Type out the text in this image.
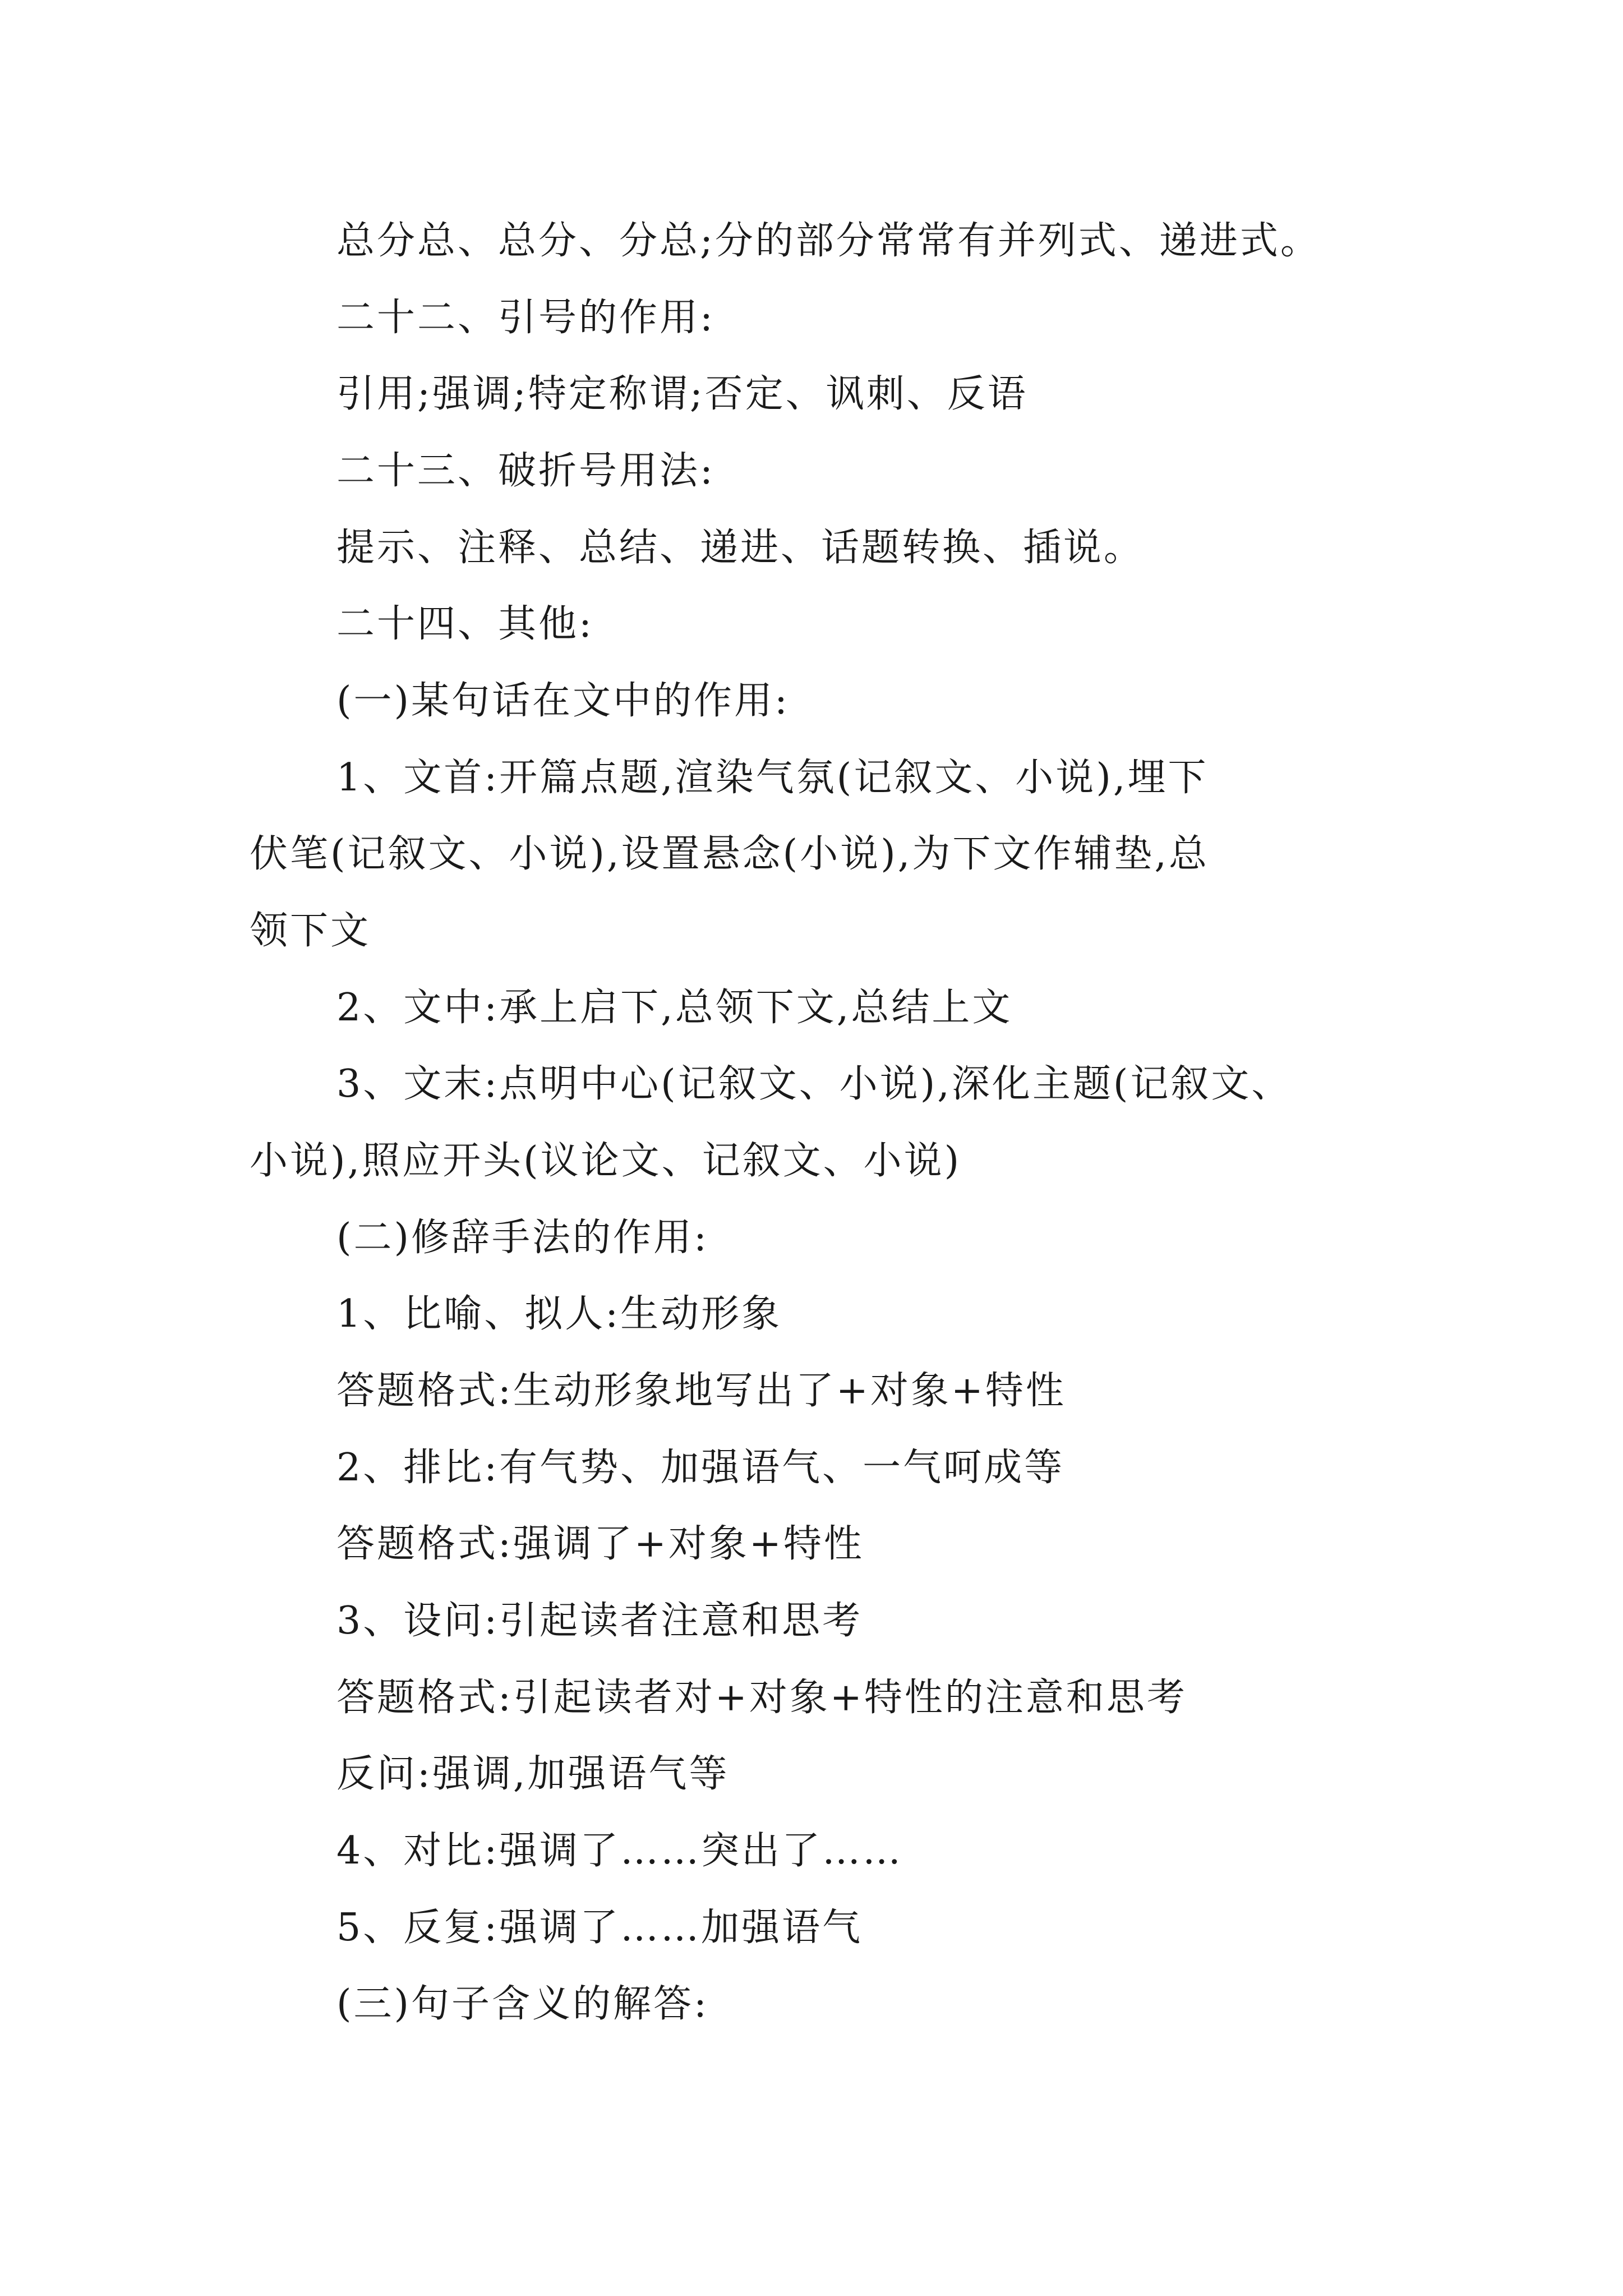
总分总、总分、分总;分的部分常常有并列式、递进式。

二十二、引号的作用:

引用;强调;特定称谓;否定、讽刺、反语

二十三、破折号用法:

提示、注释、总结、递进、话题转换、插说。

二十四、其他:

(一)某句话在文中的作用:

1、文首:开篇点题,渲染气氛(记叙文、小说),埋下

伏笔(记叙文、小说),设置悬念(小说),为下文作辅垫,总

领下文

2、文中:承上启下,总领下文,总结上文

3、文末:点明中心(记叙文、小说),深化主题(记叙文、

小说),照应开头(议论文、记叙文、小说)

(二)修辞手法的作用:

1、比喻、拟人:生动形象

答题格式:生动形象地写出了+对象+特性

2、排比:有气势、加强语气、一气呵成等

答题格式:强调了+对象+特性

3、设问:引起读者注意和思考

答题格式:引起读者对+对象+特性的注意和思考

反问:强调,加强语气等

4、对比:强调了……突出了……

5、反复:强调了……加强语气

(三)句子含义的解答:
